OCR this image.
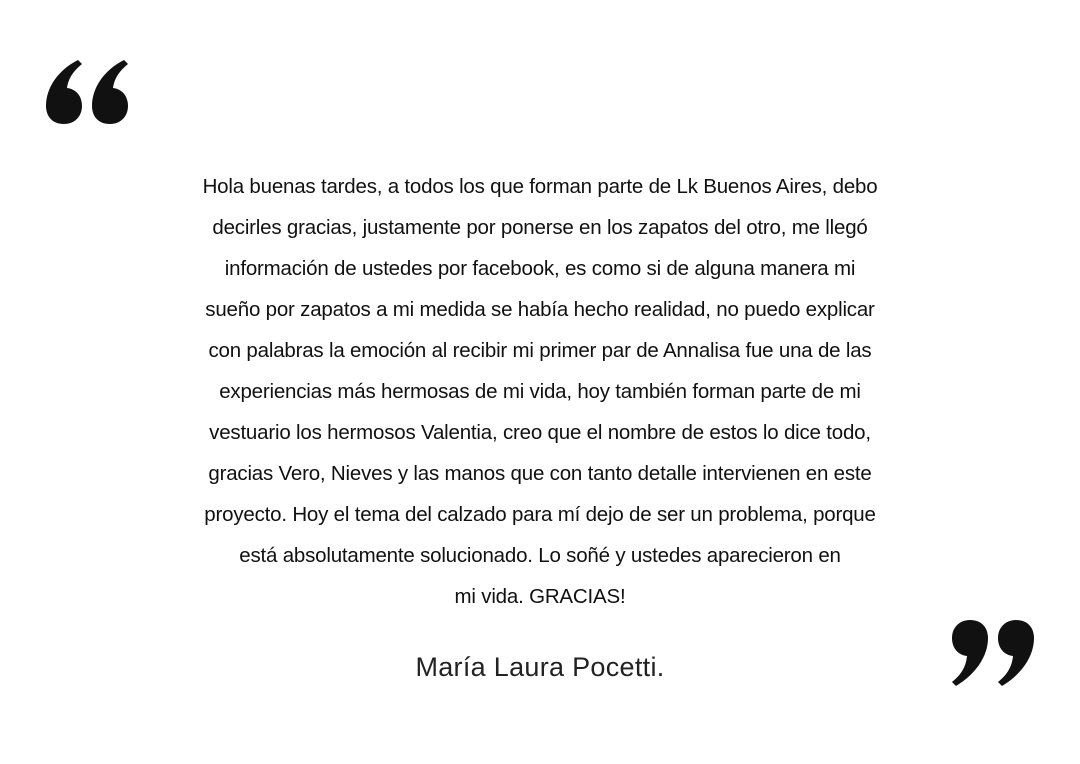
Hola buenas tardes, a todos los que forman parte de Lk Buenos Aires, debo
decirles gracias, justamente por ponerse en los zapatos del otro, me llegó
información de ustedes por facebook, es como si de alguna manera mi
sueño por zapatos a mi medida se había hecho realidad, no puedo explicar
con palabras la emoción al recibir mi primer par de Annalisa fue una de las
experiencias más hermosas de mi vida, hoy también forman parte de mi
vestuario los hermosos Valentia, creo que el nombre de estos lo dice todo,
gracias Vero, Nieves y las manos que con tanto detalle intervienen en este
proyecto. Hoy el tema del calzado para mí dejo de ser un problema, porque
está absolutamente solucionado. Lo soñé y ustedes aparecieron en
mi vida. GRACIAS!
María Laura Pocetti.
